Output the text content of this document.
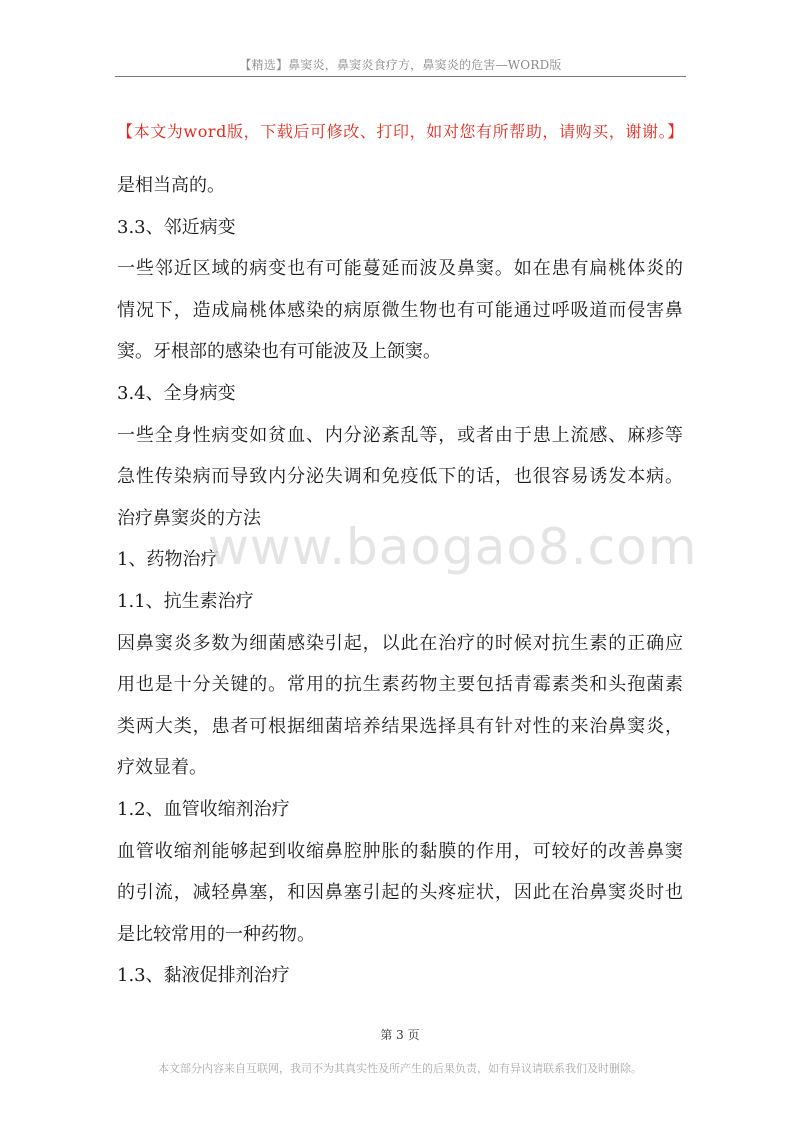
【精选】鼻窦炎，鼻窦炎食疗方，鼻窦炎的危害—WORD版
【本文为word版，下载后可修改、打印，如对您有所帮助，请购买，谢谢。】
是相当高的。
3.3、邻近病变
一些邻近区域的病变也有可能蔓延而波及鼻窦。如在患有扁桃体炎的
情况下，造成扁桃体感染的病原微生物也有可能通过呼吸道而侵害鼻
窦。牙根部的感染也有可能波及上颌窦。
3.4、全身病变
一些全身性病变如贫血、内分泌紊乱等，或者由于患上流感、麻疹等
急性传染病而导致内分泌失调和免疫低下的话，也很容易诱发本病。
治疗鼻窦炎的方法
1、药物治疗
1.1、抗生素治疗
因鼻窦炎多数为细菌感染引起，以此在治疗的时候对抗生素的正确应
用也是十分关键的。常用的抗生素药物主要包括青霉素类和头孢菌素
类两大类，患者可根据细菌培养结果选择具有针对性的来治鼻窦炎，
疗效显着。
1.2、血管收缩剂治疗
血管收缩剂能够起到收缩鼻腔肿胀的黏膜的作用，可较好的改善鼻窦
的引流，减轻鼻塞，和因鼻塞引起的头疼症状，因此在治鼻窦炎时也
是比较常用的一种药物。
1.3、黏液促排剂治疗
www.baogao8.com
第 3 页
本文部分内容来自互联网，我司不为其真实性及所产生的后果负责，如有异议请联系我们及时删除。
